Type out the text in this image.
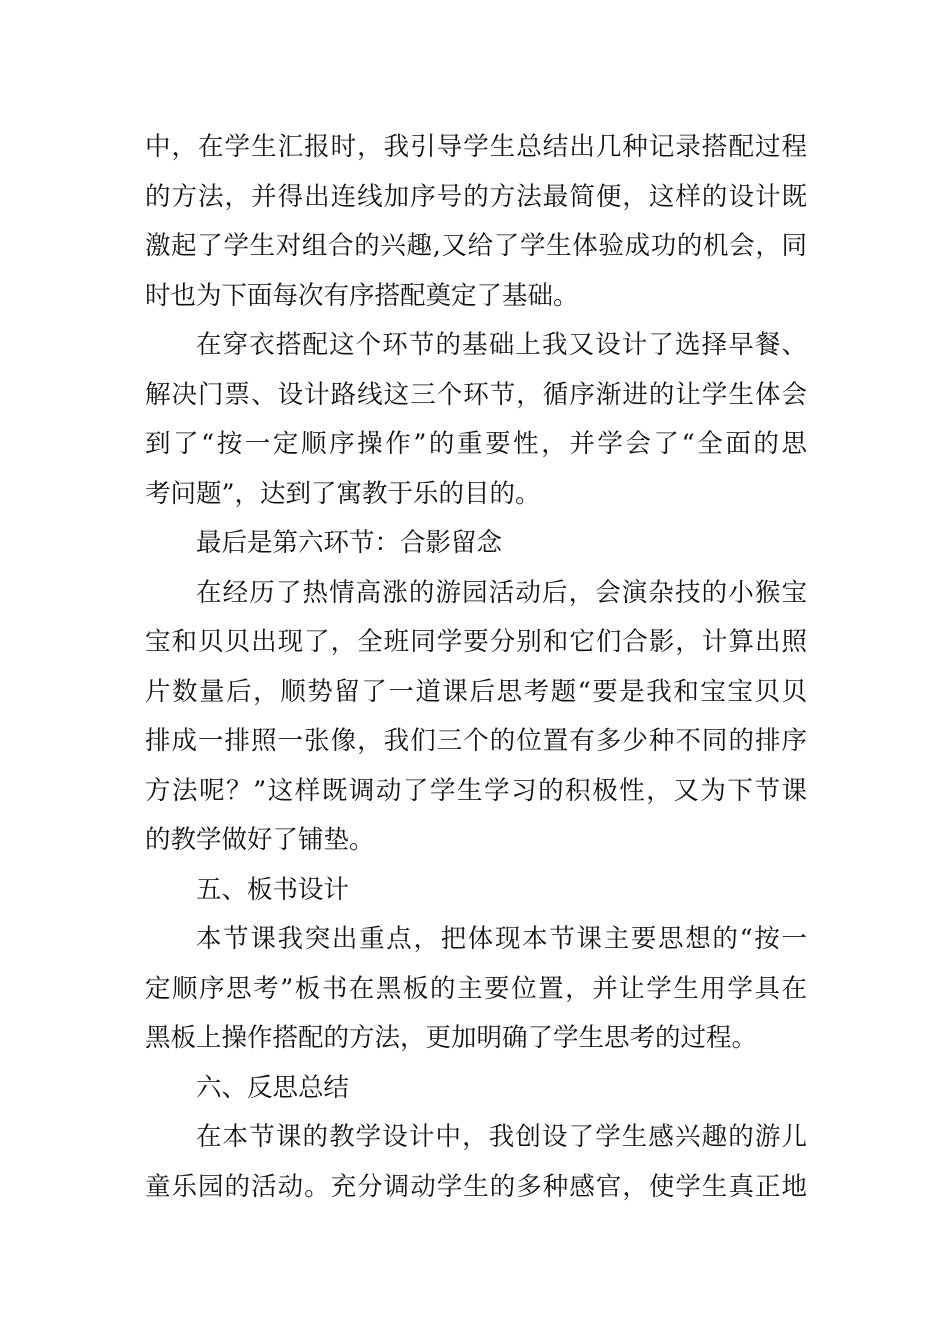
中，在学生汇报时，我引导学生总结出几种记录搭配过程
的方法，并得出连线加序号的方法最简便，这样的设计既
激起了学生对组合的兴趣,又给了学生体验成功的机会，同
时也为下面每次有序搭配奠定了基础。
在穿衣搭配这个环节的基础上我又设计了选择早餐、
解决门票、设计路线这三个环节，循序渐进的让学生体会
到了“按一定顺序操作”的重要性，并学会了“全面的思
考问题”，达到了寓教于乐的目的。
最后是第六环节：合影留念
在经历了热情高涨的游园活动后，会演杂技的小猴宝
宝和贝贝出现了，全班同学要分别和它们合影，计算出照
片数量后，顺势留了一道课后思考题“要是我和宝宝贝贝
排成一排照一张像，我们三个的位置有多少种不同的排序
方法呢？”这样既调动了学生学习的积极性，又为下节课
的教学做好了铺垫。
五、板书设计
本节课我突出重点，把体现本节课主要思想的“按一
定顺序思考”板书在黑板的主要位置，并让学生用学具在
黑板上操作搭配的方法，更加明确了学生思考的过程。
六、反思总结
在本节课的教学设计中，我创设了学生感兴趣的游儿
童乐园的活动。充分调动学生的多种感官，使学生真正地
